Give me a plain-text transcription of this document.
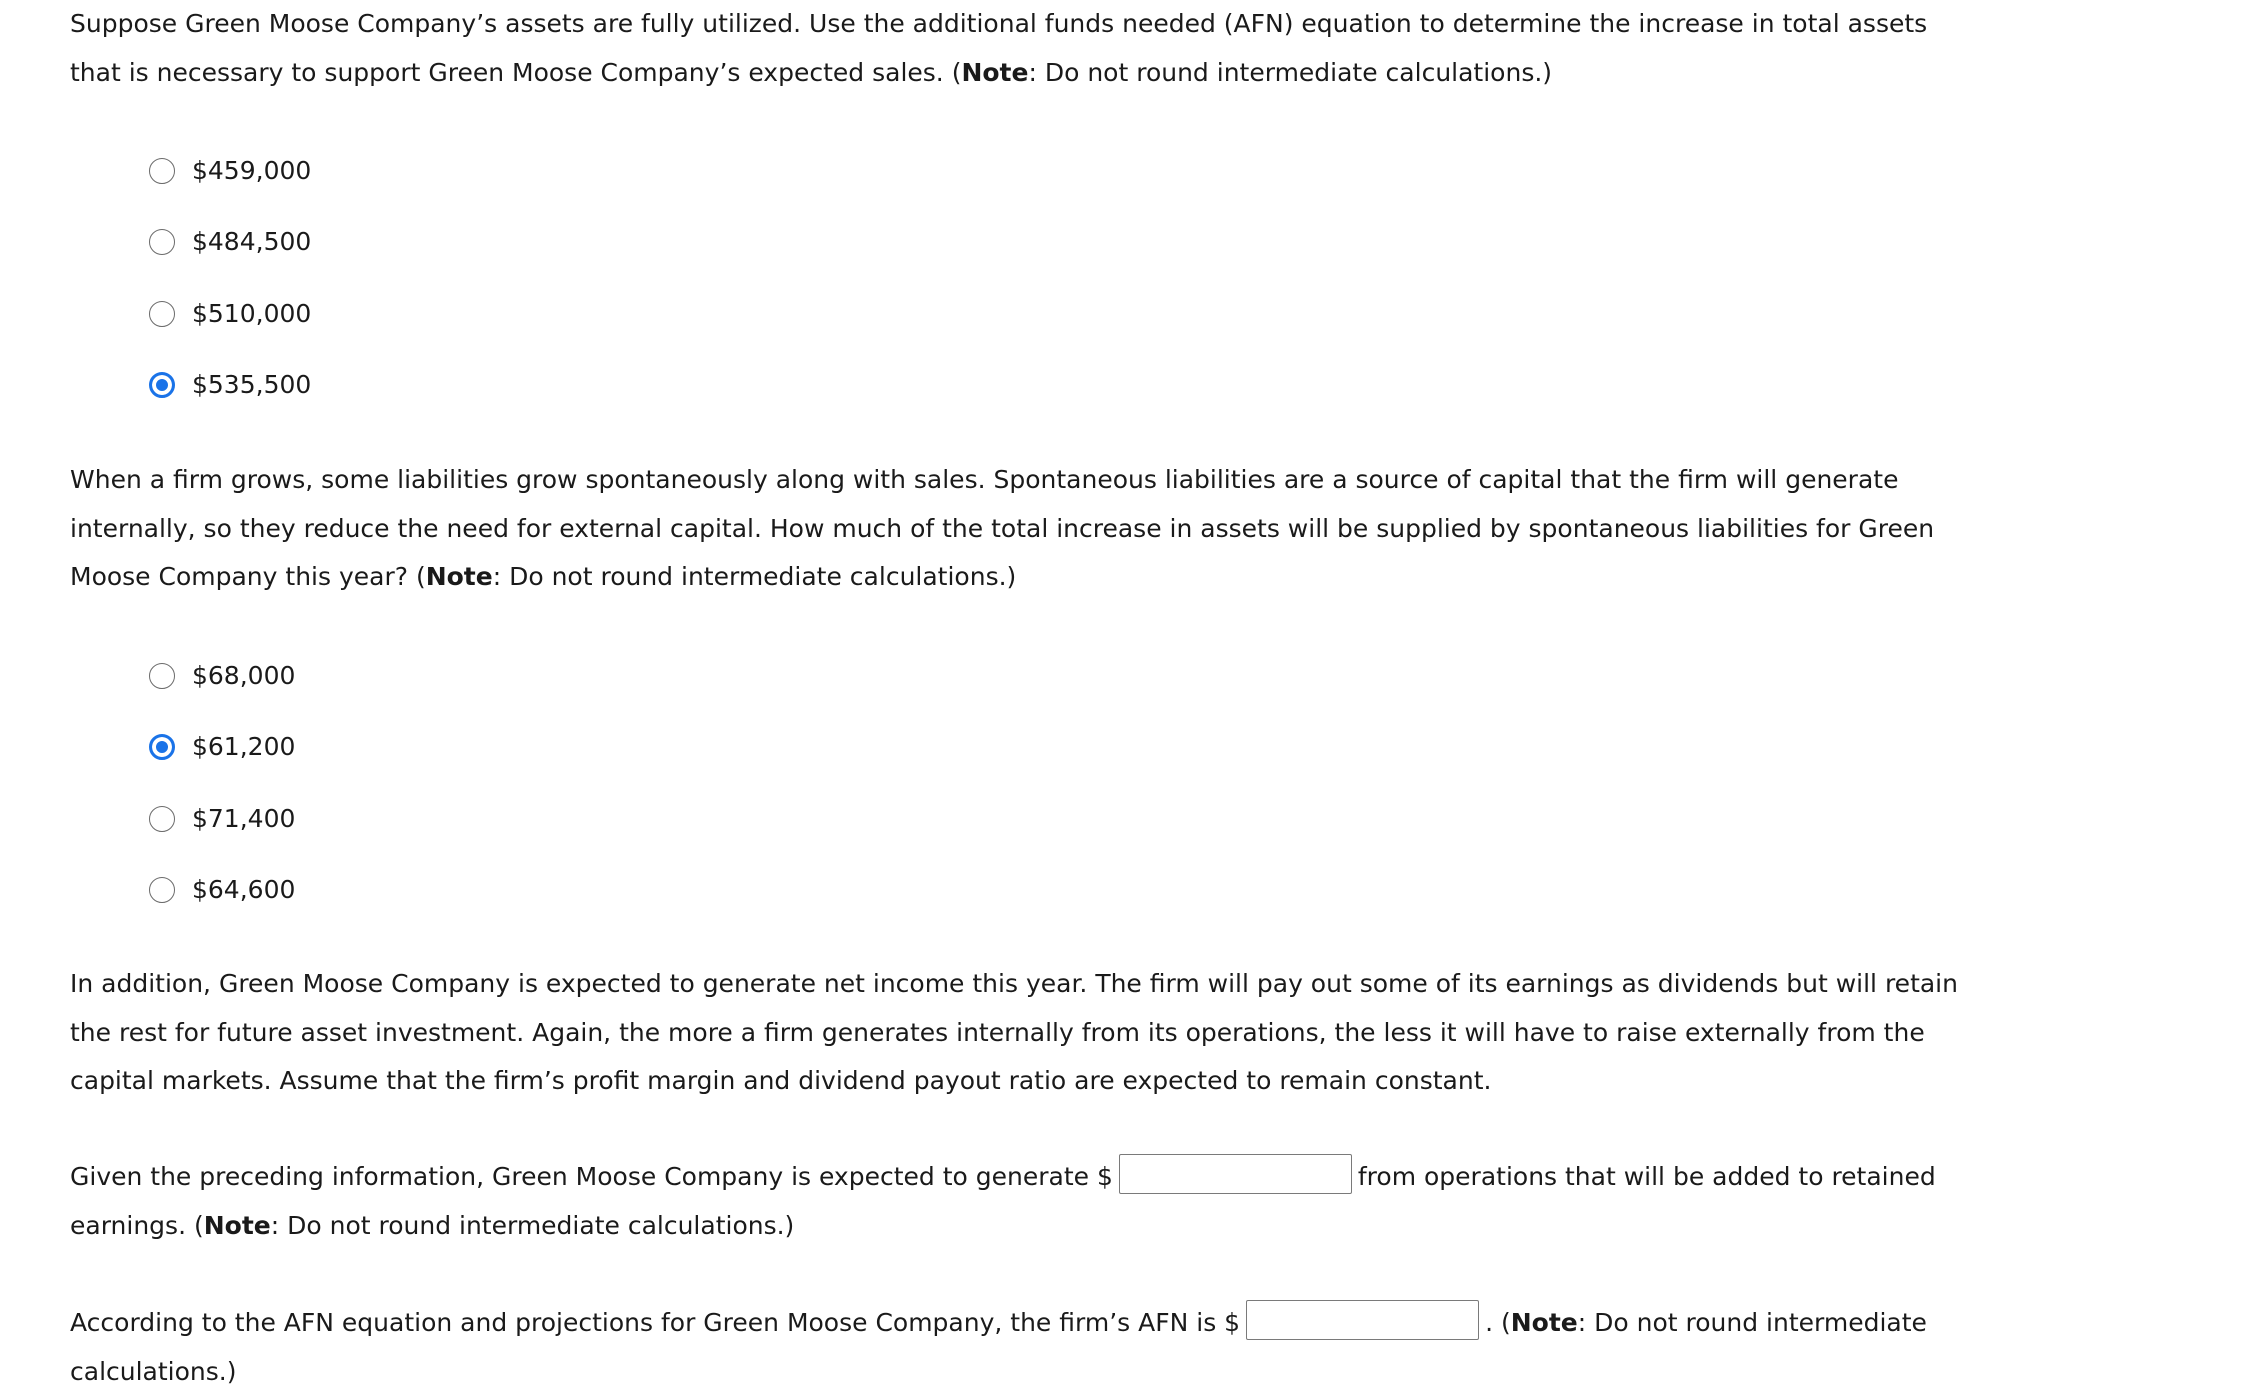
Suppose Green Moose Company’s assets are fully utilized. Use the additional funds needed (AFN) equation to determine the increase in total assets
that is necessary to support Green Moose Company’s expected sales. (Note: Do not round intermediate calculations.)

$459,000
$484,500
$510,000
$535,500

When a firm grows, some liabilities grow spontaneously along with sales. Spontaneous liabilities are a source of capital that the firm will generate
internally, so they reduce the need for external capital. How much of the total increase in assets will be supplied by spontaneous liabilities for Green
Moose Company this year? (Note: Do not round intermediate calculations.)

$68,000
$61,200
$71,400
$64,600

In addition, Green Moose Company is expected to generate net income this year. The firm will pay out some of its earnings as dividends but will retain
the rest for future asset investment. Again, the more a firm generates internally from its operations, the less it will have to raise externally from the
capital markets. Assume that the firm’s profit margin and dividend payout ratio are expected to remain constant.

Given the preceding information, Green Moose Company is expected to generate $	from operations that will be added to retained
earnings. (Note: Do not round intermediate calculations.)

According to the AFN equation and projections for Green Moose Company, the firm’s AFN is $	. (Note: Do not round intermediate
calculations.)
